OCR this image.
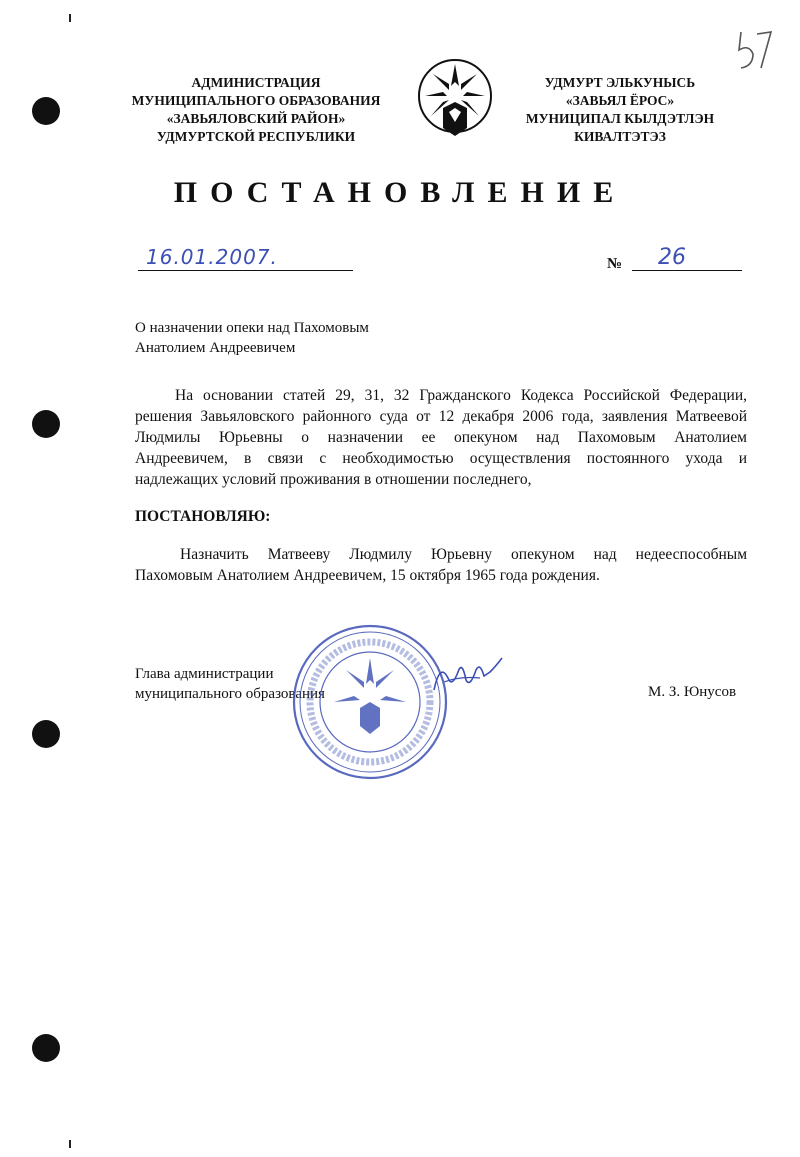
АДМИНИСТРАЦИЯ
МУНИЦИПАЛЬНОГО ОБРАЗОВАНИЯ
«ЗАВЬЯЛОВСКИЙ РАЙОН»
УДМУРТСКОЙ РЕСПУБЛИКИ
УДМУРТ ЭЛЬКУНЫСЬ
«ЗАВЬЯЛ ЁРОС»
МУНИЦИПАЛ КЫЛДЭТЛЭН
КИВАЛТЭТЭЗ
ПОСТАНОВЛЕНИЕ
16.01.2007.	№ 26
О назначении опеки над Пахомовым
Анатолием Андреевичем
На основании статей 29, 31, 32 Гражданского Кодекса Российской Федерации,
решения Завьяловского районного суда от 12 декабря 2006 года, заявления Матвеевой
Людмилы Юрьевны о назначении ее опекуном над Пахомовым Анатолием
Андреевичем, в связи с необходимостью осуществления постоянного ухода и
надлежащих условий проживания в отношении последнего,
ПОСТАНОВЛЯЮ:
Назначить Матвееву Людмилу Юрьевну опекуном над недееспособным
Пахомовым Анатолием Андреевичем, 15 октября 1965 года рождения.
Глава администрации
муниципального образования	М. З. Юнусов
